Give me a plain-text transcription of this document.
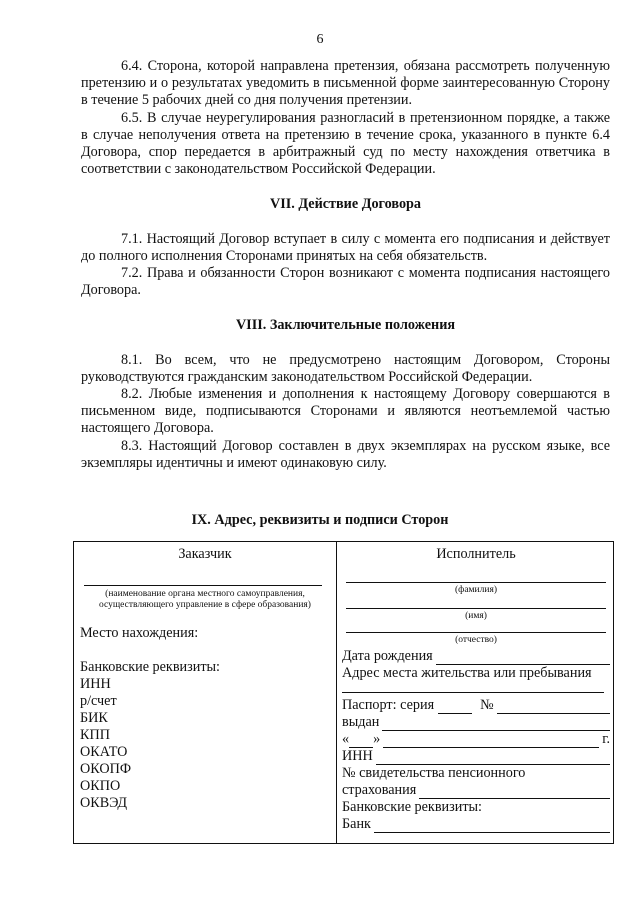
6

6.4. Сторона, которой направлена претензия, обязана рассмотреть полученную претензию и о результатах уведомить в письменной форме заинтересованную Сторону в течение 5 рабочих дней со дня получения претензии.

6.5. В случае неурегулирования разногласий в претензионном порядке, а также в случае неполучения ответа на претензию в течение срока, указанного в пункте 6.4 Договора, спор передается в арбитражный суд по месту нахождения ответчика в соответствии с законодательством Российской Федерации.

VII. Действие Договора

7.1. Настоящий Договор вступает в силу с момента его подписания и действует до полного исполнения Сторонами принятых на себя обязательств.

7.2. Права и обязанности Сторон возникают с момента подписания настоящего Договора.

VIII. Заключительные положения

8.1. Во всем, что не предусмотрено настоящим Договором, Стороны руководствуются гражданским законодательством Российской Федерации.

8.2. Любые изменения и дополнения к настоящему Договору совершаются в письменном виде, подписываются Сторонами и являются неотъемлемой частью настоящего Договора.

8.3. Настоящий Договор составлен в двух экземплярах на русском языке, все экземпляры идентичны и имеют одинаковую силу.

IX. Адрес, реквизиты и подписи Сторон
Заказчик
(наименование органа местного самоуправления, осуществляющего управление в сфере образования)
Место нахождения:
Банковские реквизиты:
ИНН
р/счет
БИК
КПП
ОКАТО
ОКОПФ
ОКПО
ОКВЭД
Исполнитель
(фамилия)
(имя)
(отчество)
Дата рождения
Адрес места жительства или пребывания
Паспорт: серия	№
выдан
« »	г.
ИНН
№ свидетельства пенсионного
страхования
Банковские реквизиты:
Банк
